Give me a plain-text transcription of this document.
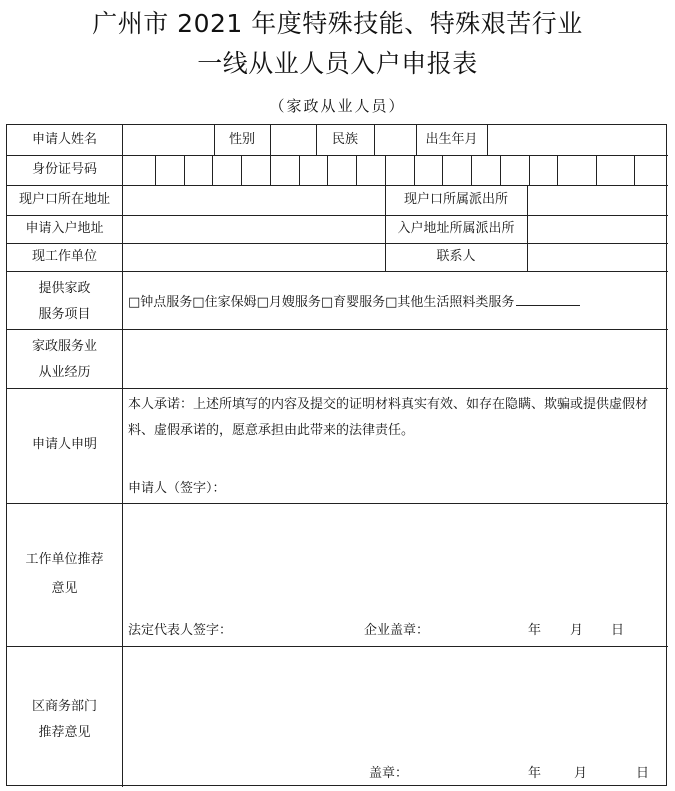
广州市 2021 年度特殊技能、特殊艰苦行业
一线从业人员入户申报表
（家政从业人员）
申请人姓名	性别	民族	出生年月
身份证号码
现户口所在地址	现户口所属派出所
申请入户地址	入户地址所属派出所
现工作单位	联系人
提供家政
服务项目
□钟点服务□住家保姆□月嫂服务□育婴服务□其他生活照料类服务
家政服务业
从业经历
申请人申明
本人承诺：上述所填写的内容及提交的证明材料真实有效、如存在隐瞒、欺骗或提供虚假材料、虚假承诺的，愿意承担由此带来的法律责任。
申请人（签字）：
工作单位推荐
意见
法定代表人签字：	企业盖章：	年 月 日
区商务部门
推荐意见
盖章：	年	月	日
